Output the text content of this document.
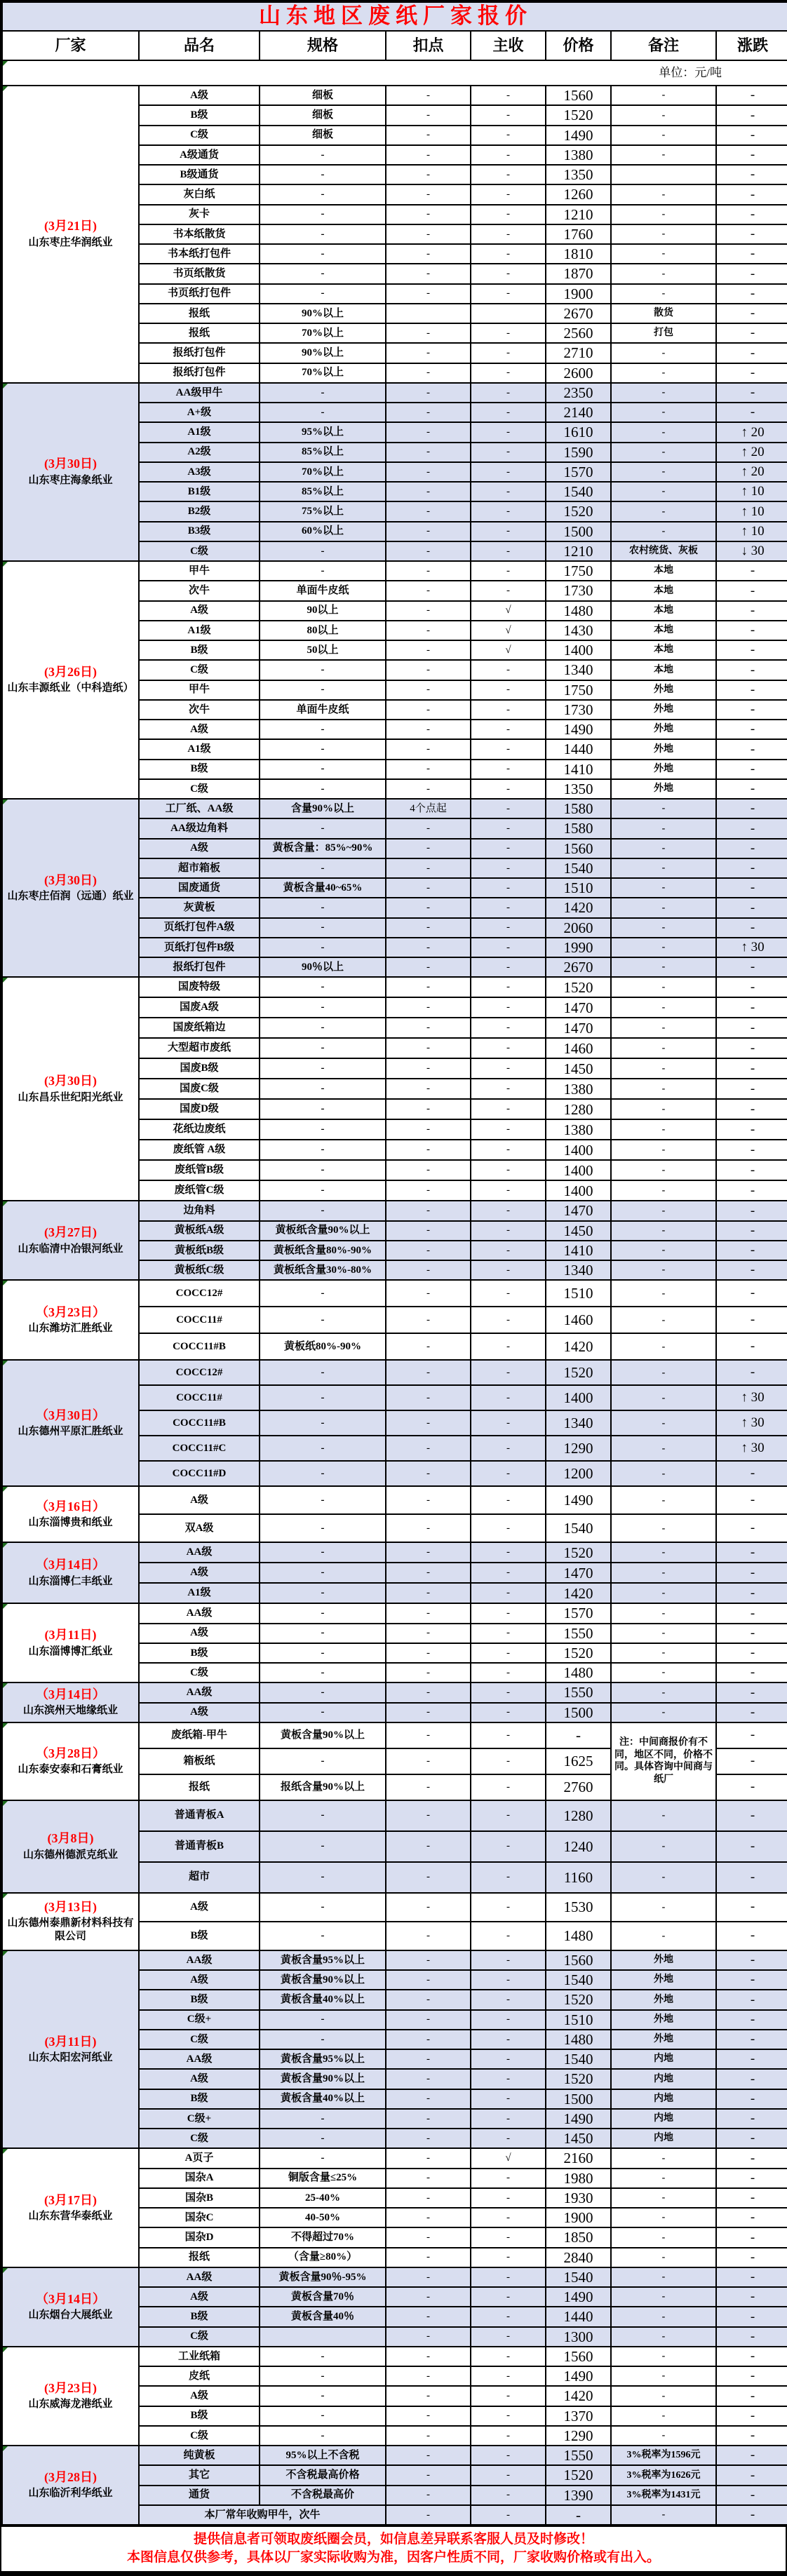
山东地区废纸厂家报价							
厂家	品名	规格	扣点	主收	价格	备注	涨跌
单位：元/吨							

(3月21日)
山东枣庄华润纸业	A级	细板	-	-	1560	-	-
	B级	细板	-	-	1520	-	-
	C级	细板	-	-	1490	-	-
	A级通货	-	-	-	1380	-	-
	B级通货	-	-	-	1350		-
	灰白纸	-	-	-	1260	-	-
	灰卡	-	-	-	1210	-	-
	书本纸散货	-	-	-	1760	-	-
	书本纸打包件	-	-	-	1810	-	-
	书页纸散货	-	-	-	1870	-	-
	书页纸打包件	-	-	-	1900	-	-
	报纸	90%以上			2670	散货	-
	报纸	70%以上	-	-	2560	打包	-
	报纸打包件	90%以上	-	-	2710	-	-
	报纸打包件	70%以上	-	-	2600	-	-

(3月30日)
山东枣庄海象纸业	AA级甲牛	-	-	-	2350	-	-
	A+级	-	-	-	2140	-	-
	A1级	95%以上	-	-	1610	-	↑ 20
	A2级	85%以上	-	-	1590	-	↑ 20
	A3级	70%以上	-	-	1570	-	↑ 20
	B1级	85%以上	-	-	1540	-	↑ 10
	B2级	75%以上	-	-	1520	-	↑ 10
	B3级	60%以上	-	-	1500	-	↑ 10
	C级	-	-	-	1210	农村统货、灰板	↓ 30

(3月26日)
山东丰源纸业（中科造纸）	甲牛	-	-	-	1750	本地	-
	次牛	单面牛皮纸	-	-	1730	本地	-
	A级	90以上	-	√	1480	本地	-
	A1级	80以上	-	√	1430	本地	-
	B级	50以上	-	√	1400	本地	-
	C级	-	-	-	1340	本地	-
	甲牛	-	-	-	1750	外地	-
	次牛	单面牛皮纸	-	-	1730	外地	-
	A级	-	-	-	1490	外地	-
	A1级	-	-	-	1440	外地	-
	B级	-	-	-	1410	外地	-
	C级	-	-	-	1350	外地	-

(3月30日)
山东枣庄佰润（远通）纸业	工厂纸、AA级	含量90%以上	4个点起	-	1580	-	-
	AA级边角料	-	-	-	1580	-	-
	A级	黄板含量：85%~90%	-	-	1560	-	-
	超市箱板	-	-	-	1540	-	-
	国废通货	黄板含量40~65%	-	-	1510	-	-
	灰黄板	-	-	-	1420	-	-
	页纸打包件A级	-	-	-	2060	-	-
	页纸打包件B级	-	-	-	1990	-	↑ 30
	报纸打包件	90％以上	-	-	2670	-	-

(3月30日)
山东昌乐世纪阳光纸业	国废特级	-	-	-	1520	-	-
	国废A级	-	-	-	1470	-	-
	国废纸箱边	-	-	-	1470	-	-
	大型超市废纸	-	-	-	1460	-	-
	国废B级	-	-	-	1450	-	-
	国废C级	-	-	-	1380	-	-
	国废D级	-	-	-	1280	-	-
	花纸边废纸	-	-	-	1380	-	-
	废纸管 A级	-	-	-	1400	-	-
	废纸管B级	-	-	-	1400	-	-
	废纸管C级	-	-	-	1400	-	-

(3月27日)
山东临清中冶银河纸业	边角料	-	-	-	1470	-	-
	黄板纸A级	黄板纸含量90%以上	-	-	1450	-	-
	黄板纸B级	黄板纸含量80%-90%	-	-	1410	-	-
	黄板纸C级	黄板纸含量30%-80%	-	-	1340	-	-

（3月23日）
山东潍坊汇胜纸业	COCC12#	-	-	-	1510	-	-
	COCC11#	-	-	-	1460	-	-
	COCC11#B	黄板纸80%-90%	-	-	1420	-	-

（3月30日）
山东德州平原汇胜纸业	COCC12#	-	-	-	1520	-	-
	COCC11#	-	-	-	1400	-	↑ 30
	COCC11#B	-	-	-	1340	-	↑ 30
	COCC11#C	-	-	-	1290	-	↑ 30
	COCC11#D	-	-	-	1200	-	-

（3月16日）
山东淄博贵和纸业	A级	-	-	-	1490	-	-
	双A级	-	-	-	1540	-	-

（3月14日）
山东淄博仁丰纸业	AA级	-	-	-	1520	-	-
	A级	-	-	-	1470	-	-
	A1级	-	-	-	1420	-	-

(3月11日)
山东淄博博汇纸业	AA级	-	-	-	1570	-	-
	A级	-	-	-	1550	-	-
	B级	-	-	-	1520	-	-
	C级	-	-	-	1480	-	-

（3月14日）
山东滨州天地缘纸业	AA级	-	-	-	1550	-	-
	A级	-	-	-	1500	-	-

（3月28日）
山东泰安泰和石膏纸业	废纸箱-甲牛	黄板含量90%以上	-	-	-	注：中间商报价有不同，地区不同，价格不同。具体咨询中间商与纸厂	-
	箱板纸	-	-	-	1625		-
	报纸	报纸含量90%以上	-	-	2760		-

(3月8日)
山东德州德派克纸业	普通青板A	-	-	-	1280	-	-
	普通青板B	-	-	-	1240	-	-
	超市	-	-	-	1160	-	-

(3月13日)
山东德州泰鼎新材料科技有限公司	A级	-	-	-	1530	-	-
	B级	-	-	-	1480	-	-

(3月11日)
山东太阳宏河纸业	AA级	黄板含量95%以上	-	-	1560	外地	-
	A级	黄板含量90%以上	-	-	1540	外地	-
	B级	黄板含量40%以上	-	-	1520	外地	-
	C级+	-	-	-	1510	外地	-
	C级	-	-	-	1480	外地	-
	AA级	黄板含量95%以上	-	-	1540	内地	-
	A级	黄板含量90%以上	-	-	1520	内地	-
	B级	黄板含量40%以上	-	-	1500	内地	-
	C级+	-	-	-	1490	内地	-
	C级	-	-	-	1450	内地	-

(3月17日)
山东东营华泰纸业	A页子	-	-	√	2160	-	-
	国杂A	铜版含量≤25%	-	-	1980	-	-
	国杂B	25-40%	-	-	1930	-	-
	国杂C	40-50%	-	-	1900	-	-
	国杂D	不得超过70%	-	-	1850	-	-
	报纸	（含量≥80%）	-	-	2840	-	-

（3月14日）
山东烟台大展纸业	AA级	黄板含量90％-95%	-	-	1540	-	-
	A级	黄板含量70％	-	-	1490	-	-
	B级	黄板含量40％	-	-	1440	-	-
	C级		-	-	1300	-	-

(3月23日)
山东威海龙港纸业	工业纸箱	-	-	-	1560	-	-
	皮纸	-	-	-	1490	-	-
	A级	-	-	-	1420	-	-
	B级	-	-	-	1370	-	-
	C级	-	-	-	1290	-	-

(3月28日)
山东临沂利华纸业	纯黄板	95%以上不含税	-	-	1550	3%税率为1596元	-
	其它	不含税最高价格	-	-	1520	3%税率为1626元	-
	通货	不含税最高价	-	-	1390	3%税率为1431元	-
	本厂常年收购甲牛，次牛		-	-	-	-	-
提供信息者可领取废纸圈会员，如信息差异联系客服人员及时修改！
本图信息仅供参考，具体以厂家实际收购为准，因客户性质不同，厂家收购价格或有出入。
